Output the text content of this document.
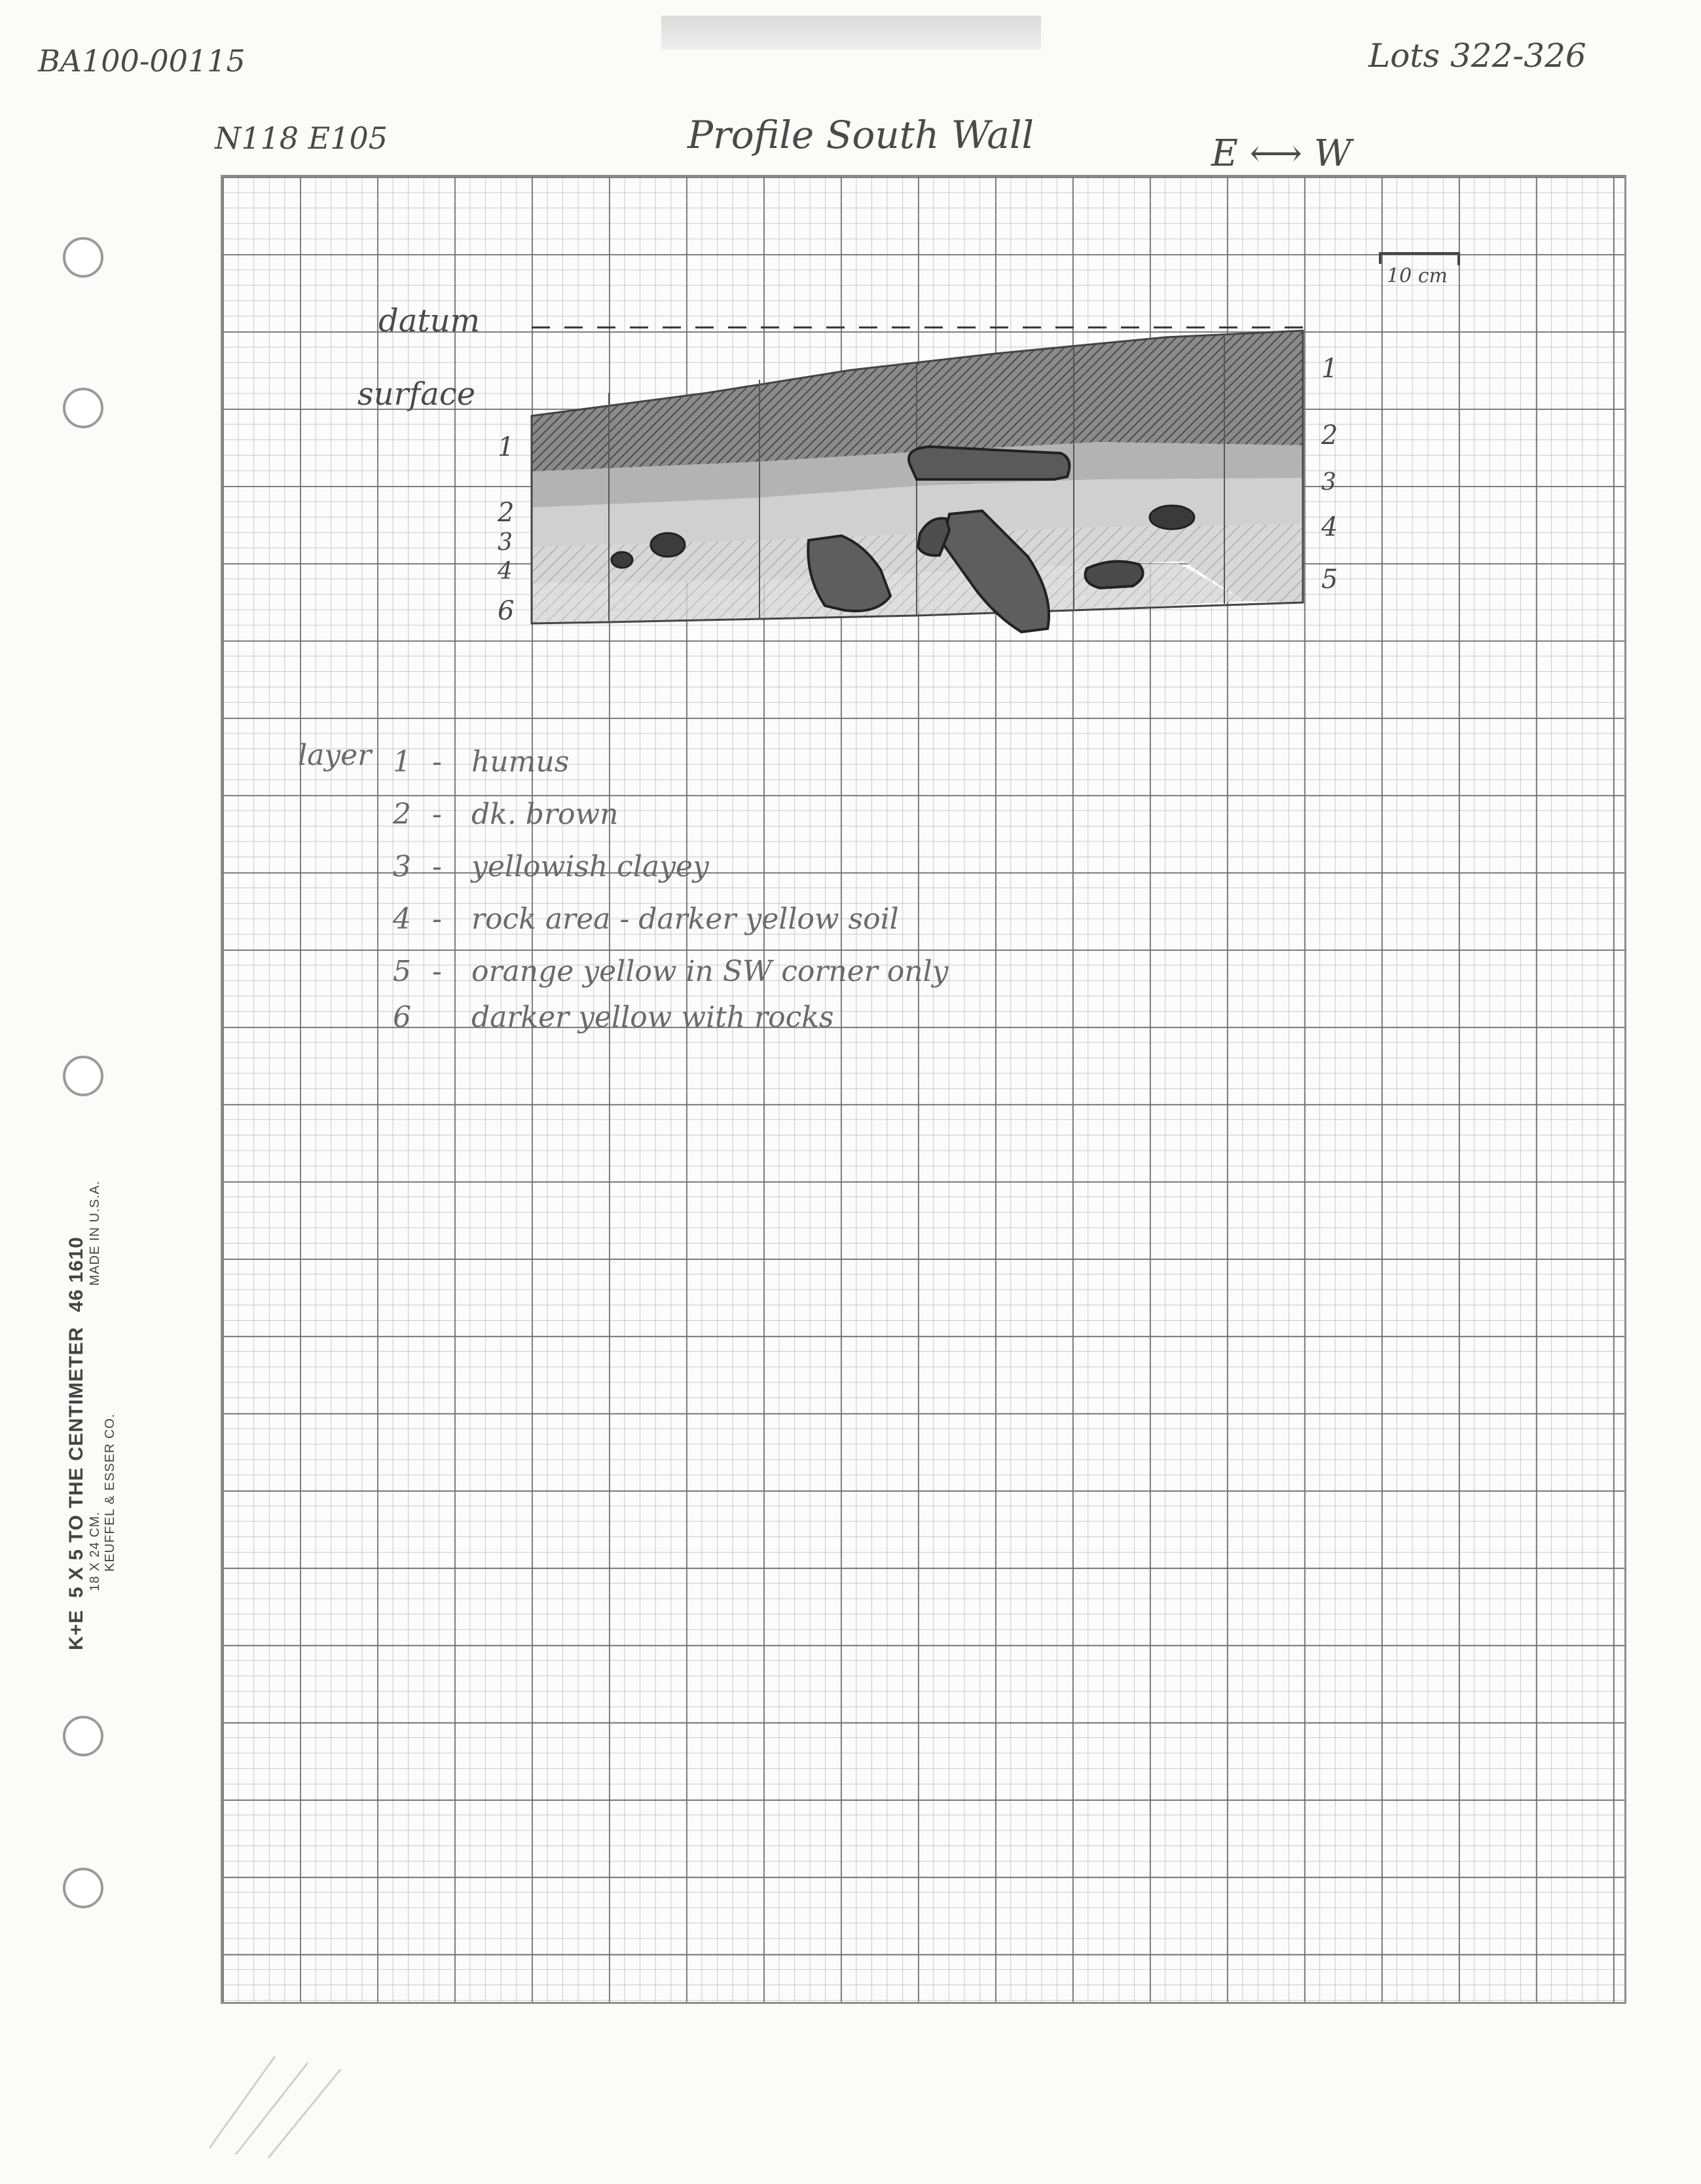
BA100-00115	Lots 322-326
N118 E105	Profile South Wall	E ⟷ W
10 cm
datum
surface
1
2
3
4
6
1
2
3
4
5
layer 1 - humus
2 - dk. brown
3 - yellowish clayey
4 - rock area - darker yellow soil
5 - orange yellow in SW corner only
6 darker yellow with rocks
K+E    5 X 5 TO THE CENTIMETER     46 1610
18 X 24 CM. MADE IN U.S.A.
KEUFFEL & ESSER CO.
